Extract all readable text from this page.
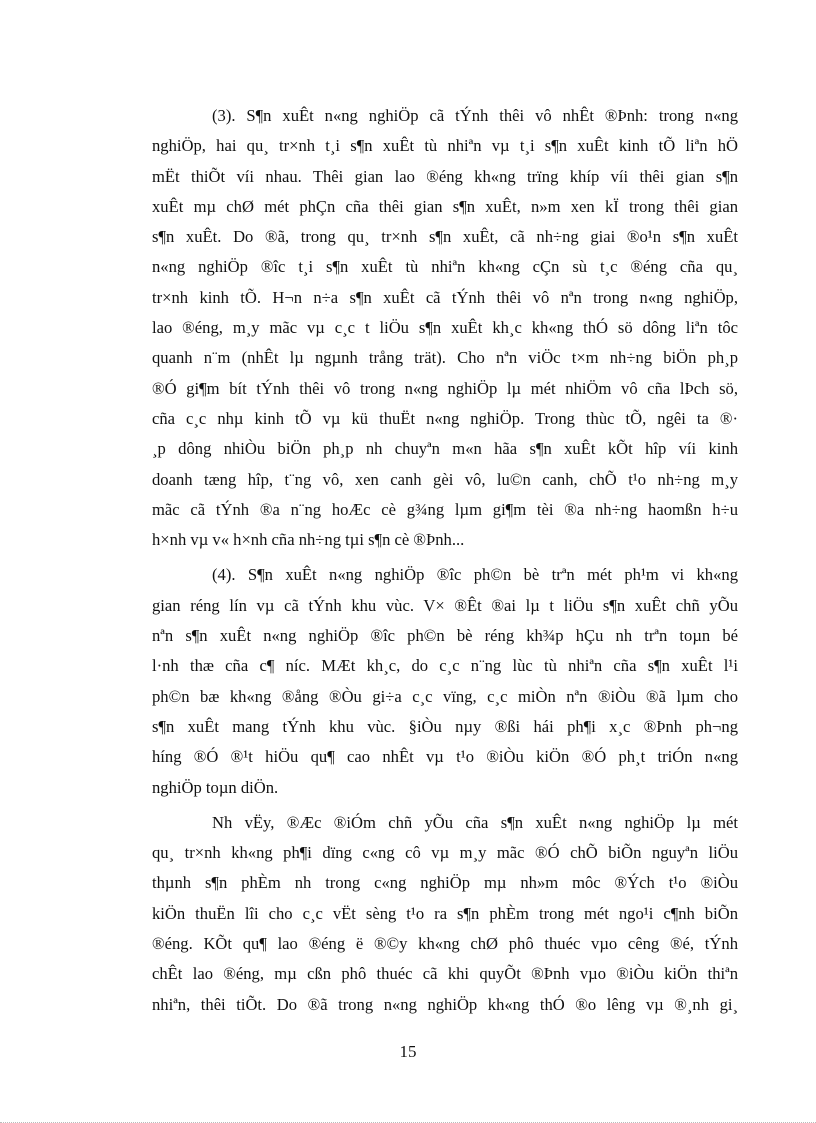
(3). S¶n xuÊt n«ng nghiÖp cã tÝnh thêi vô nhÊt ®Þnh: trong n«ng
nghiÖp, hai qu¸ tr×nh t¸i s¶n xuÊt tù nhiªn vµ t¸i s¶n xuÊt kinh tÕ liªn hÖ
mËt thiÕt víi nhau. Thêi gian lao ®éng kh«ng trïng khíp víi thêi gian s¶n
xuÊt mµ chØ mét phÇn cña thêi gian s¶n xuÊt, n»m xen kÏ trong thêi gian
s¶n xuÊt. Do ®ã, trong qu¸ tr×nh s¶n xuÊt, cã nh÷ng giai ®o¹n s¶n xuÊt
n«ng nghiÖp ®îc t¸i s¶n xuÊt tù nhiªn kh«ng cÇn sù t¸c ®éng cña qu¸
tr×nh kinh tÕ. H¬n n÷a s¶n xuÊt cã tÝnh thêi vô nªn trong n«ng nghiÖp,
lao ®éng, m¸y mãc vµ c¸c t liÖu s¶n xuÊt kh¸c kh«ng thÓ sö dông liªn tôc
quanh n¨m (nhÊt lµ ngµnh trång trät). Cho nªn viÖc t×m nh÷ng biÖn ph¸p
®Ó gi¶m bít tÝnh thêi vô trong n«ng nghiÖp lµ mét nhiÖm vô cña lÞch sö,
cña c¸c nhµ kinh tÕ vµ kü thuËt n«ng nghiÖp. Trong thùc tÕ, ngêi ta ®·
¸p dông nhiÒu biÖn ph¸p nh chuyªn m«n hãa s¶n xuÊt kÕt hîp víi kinh
doanh tæng hîp, t¨ng vô, xen canh gèi vô, lu©n canh, chÕ t¹o nh÷ng m¸y
mãc cã tÝnh ®a n¨ng hoÆc cè g¾ng lµm gi¶m tèi ®a nh÷ng haomßn h÷u
h×nh vµ v« h×nh cña nh÷ng tµi s¶n cè ®Þnh...
(4). S¶n xuÊt n«ng nghiÖp ®îc ph©n bè trªn mét ph¹m vi kh«ng
gian réng lín vµ cã tÝnh khu vùc. V× ®Êt ®ai lµ t liÖu s¶n xuÊt chñ yÕu
nªn s¶n xuÊt n«ng nghiÖp ®îc ph©n bè réng kh¾p hÇu nh trªn toµn bé
l·nh thæ cña c¶ níc. MÆt kh¸c, do c¸c n¨ng lùc tù nhiªn cña s¶n xuÊt l¹i
ph©n bæ kh«ng ®ång ®Òu gi÷a c¸c vïng, c¸c miÒn nªn ®iÒu ®ã lµm cho
s¶n xuÊt mang tÝnh khu vùc. §iÒu nµy ®ßi hái ph¶i x¸c ®Þnh ph¬ng
híng ®Ó ®¹t hiÖu qu¶ cao nhÊt vµ t¹o ®iÒu kiÖn ®Ó ph¸t triÓn n«ng
nghiÖp toµn diÖn.
Nh vËy, ®Æc ®iÓm chñ yÕu cña s¶n xuÊt n«ng nghiÖp lµ mét
qu¸ tr×nh kh«ng ph¶i dïng c«ng cô vµ m¸y mãc ®Ó chÕ biÕn nguyªn liÖu
thµnh s¶n phÈm nh trong c«ng nghiÖp mµ nh»m môc ®Ých t¹o ®iÒu
kiÖn thuËn lîi cho c¸c vËt sèng t¹o ra s¶n phÈm trong mét ngo¹i c¶nh biÕn
®éng. KÕt qu¶ lao ®éng ë ®©y kh«ng chØ phô thuéc vµo cêng ®é, tÝnh
chÊt lao ®éng, mµ cßn phô thuéc cã khi quyÕt ®Þnh vµo ®iÒu kiÖn thiªn
nhiªn, thêi tiÕt. Do ®ã trong n«ng nghiÖp kh«ng thÓ ®o lêng vµ ®¸nh gi¸
15
